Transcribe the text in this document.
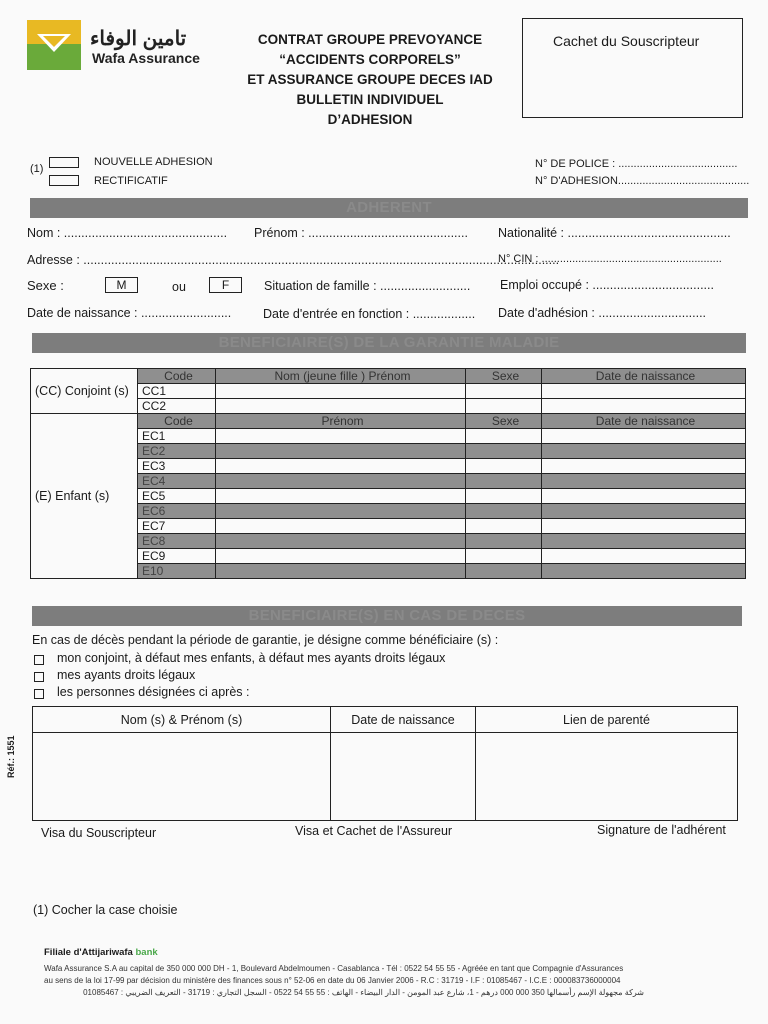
تامين الوفاء
Wafa Assurance
CONTRAT GROUPE PREVOYANCE
“ACCIDENTS CORPORELS”
ET ASSURANCE GROUPE DECES IAD
BULLETIN INDIVIDUEL
D’ADHESION
Cachet du Souscripteur
(1)
NOUVELLE ADHESION
RECTIFICATIF
N° DE POLICE : .......................................
N° D'ADHESION...........................................
ADHERENT
Nom : ............................................... Prénom : .............................................. Nationalité : ...............................................
Adresse : .........................................................................................................................................
N° CIN : ...........................................................
Sexe :	M	ou	F	Situation de famille : .......................... Emploi occupé : ...................................
Date de naissance : ..........................	Date d'entrée en fonction : .................. Date d'adhésion : ...............................
BENEFICIAIRE(S) DE LA GARANTIE MALADIE
(CC) Conjoint (s)	Code	Nom (jeune fille ) Prénom	Sexe	Date de naissance
	CC1			
	CC2			
(E) Enfant (s)	Code	Prénom	Sexe	Date de naissance
	EC1			
	EC2			
	EC3			
	EC4			
	EC5			
	EC6			
	EC7			
	EC8			
	EC9			
	E10			
BENEFICIAIRE(S) EN CAS DE DECES
En cas de décès pendant la période de garantie, je désigne comme bénéficiaire (s) :
mon conjoint, à défaut mes enfants, à défaut mes ayants droits légaux
mes ayants droits légaux
les personnes désignées ci après :
Nom (s) & Prénom (s)	Date de naissance	Lien de parenté

Réf.: 1551
Visa du Souscripteur	Visa et Cachet de l'Assureur	Signature de l'adhérent
(1) Cocher la case choisie
Filiale d'Attijariwafa bank
Wafa Assurance S.A au capital de 350 000 000 DH - 1, Boulevard Abdelmoumen - Casablanca - Tél : 0522 54 55 55 - Agréée en tant que Compagnie d'Assurances
au sens de la loi 17-99 par décision du ministère des finances sous n° 52-06 en date du 06 Janvier 2006 - R.C : 31719 - I.F : 01085467 - I.C.E : 000083736000004
شركة مجهولة الإسم رأسمالها 350 000 000 درهم - 1، شارع عبد المومن - الدار البيضاء - الهاتف : 55 55 54 0522 - السجل التجاري : 31719 - التعريف الضريبي : 01085467
